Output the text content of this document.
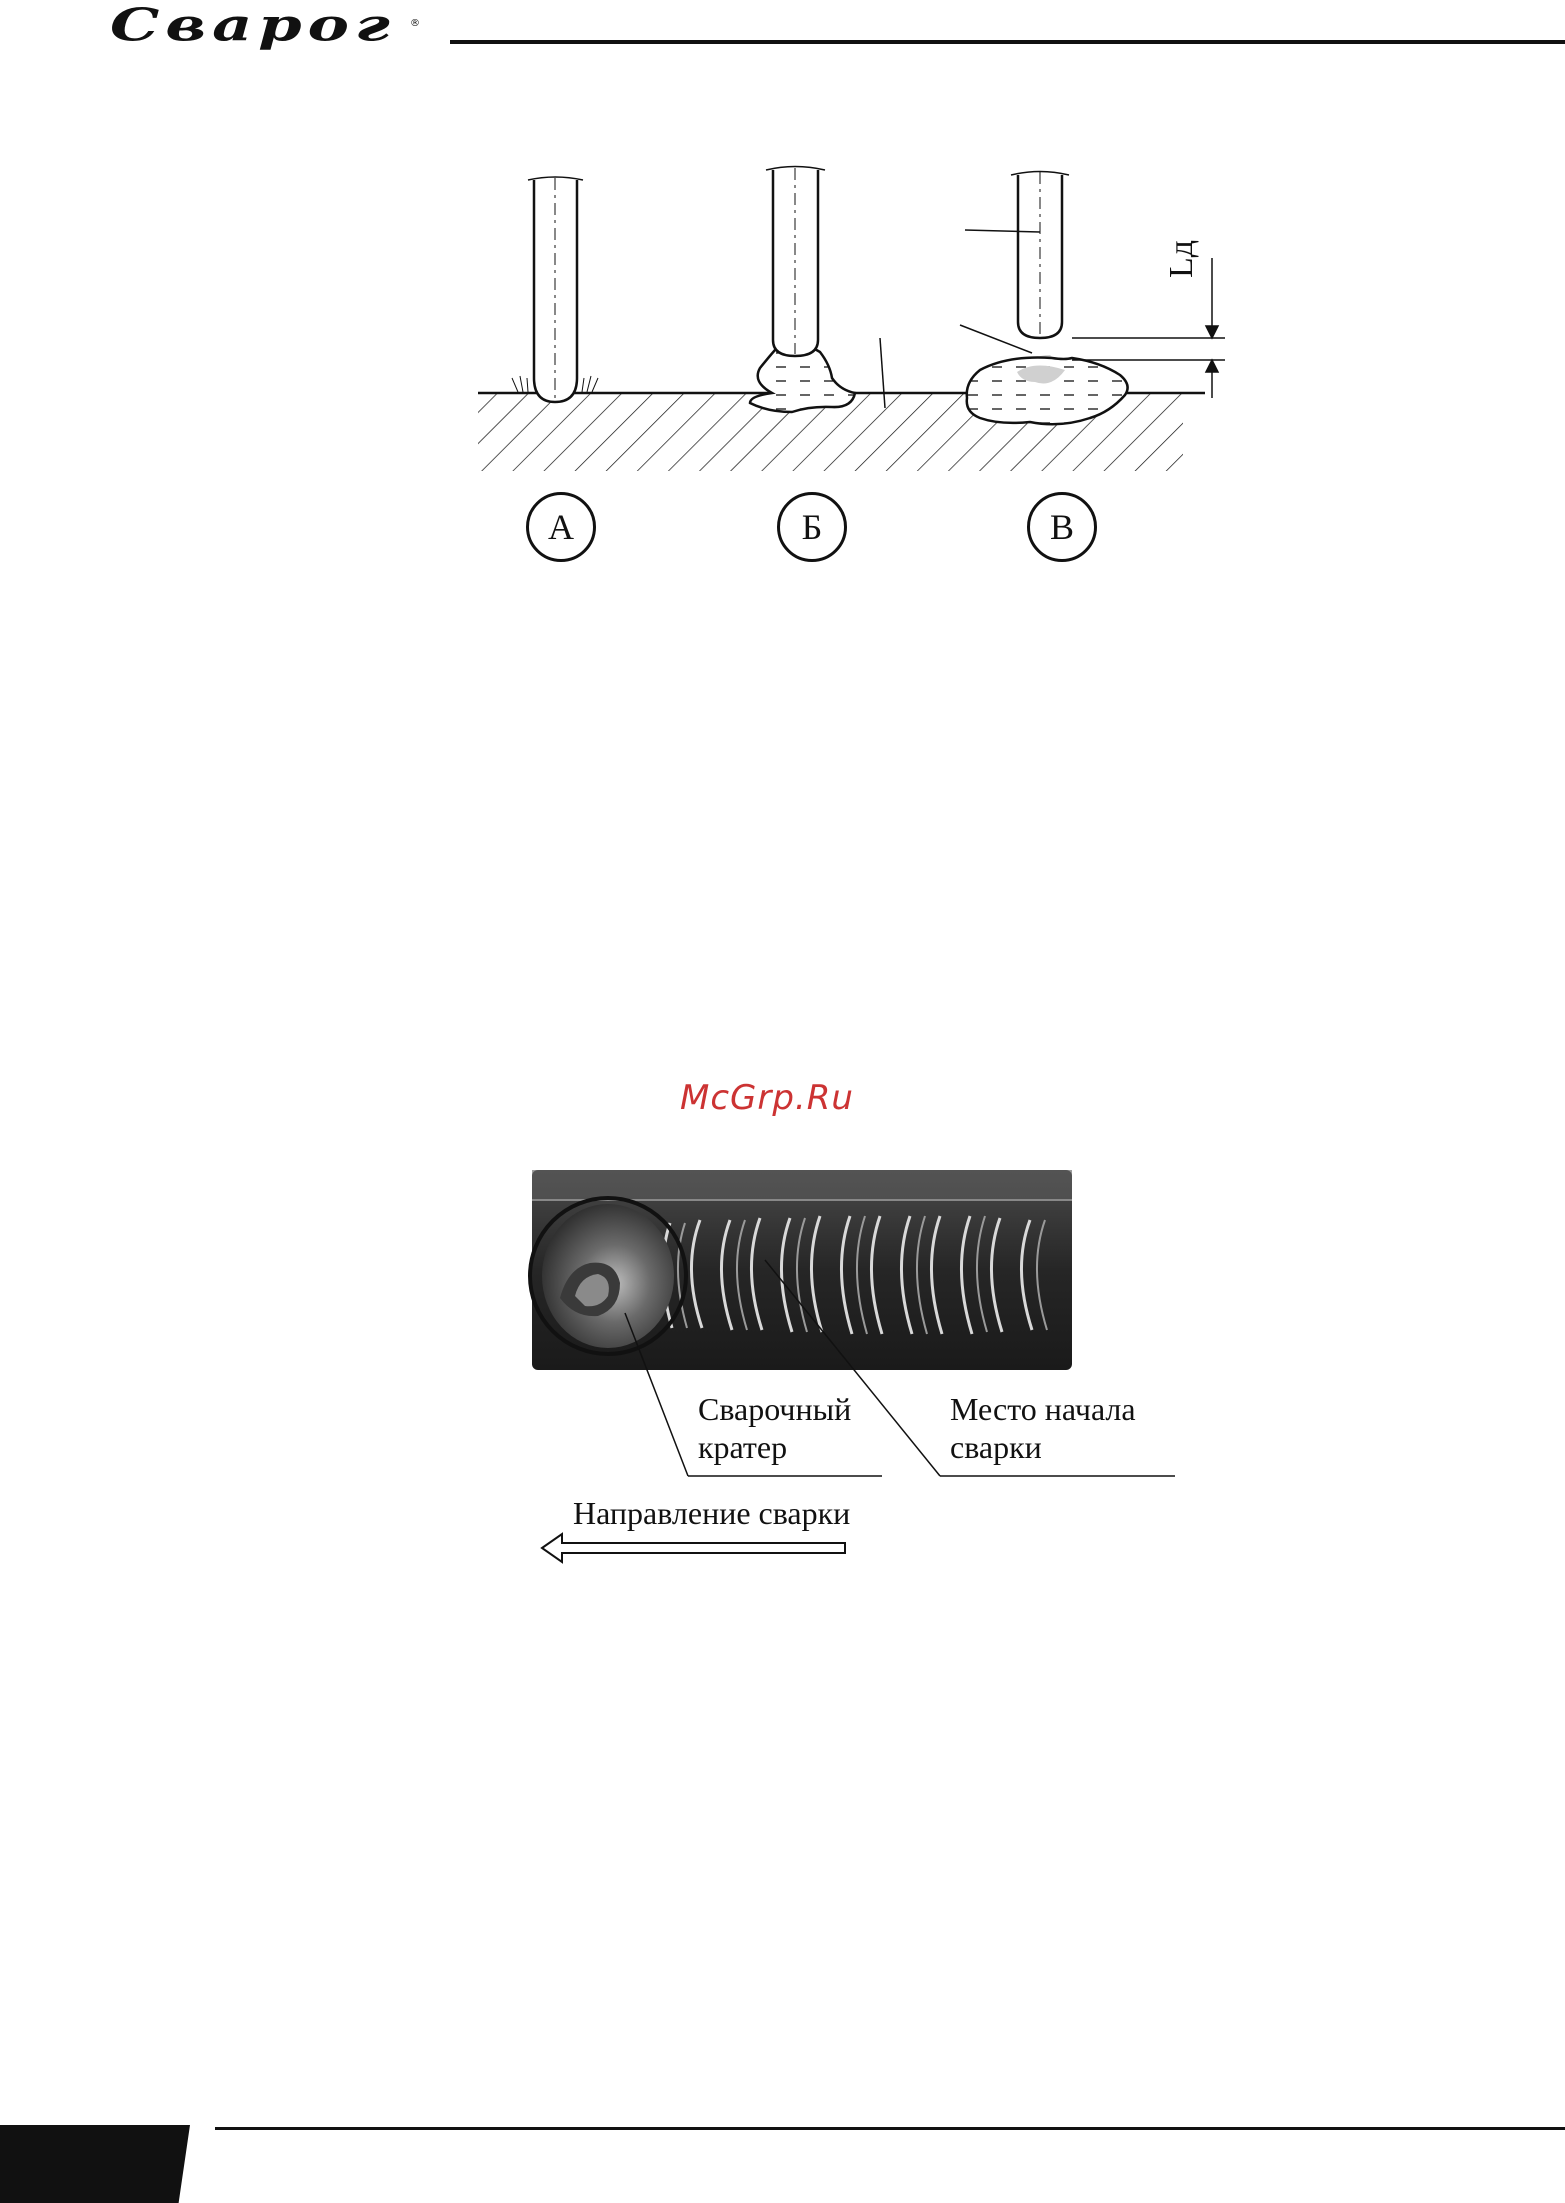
Сварог	®
Lд
А	Б	В
McGrp.Ru
Сварочный
кратер
Место начала
сварки
Направление сварки
